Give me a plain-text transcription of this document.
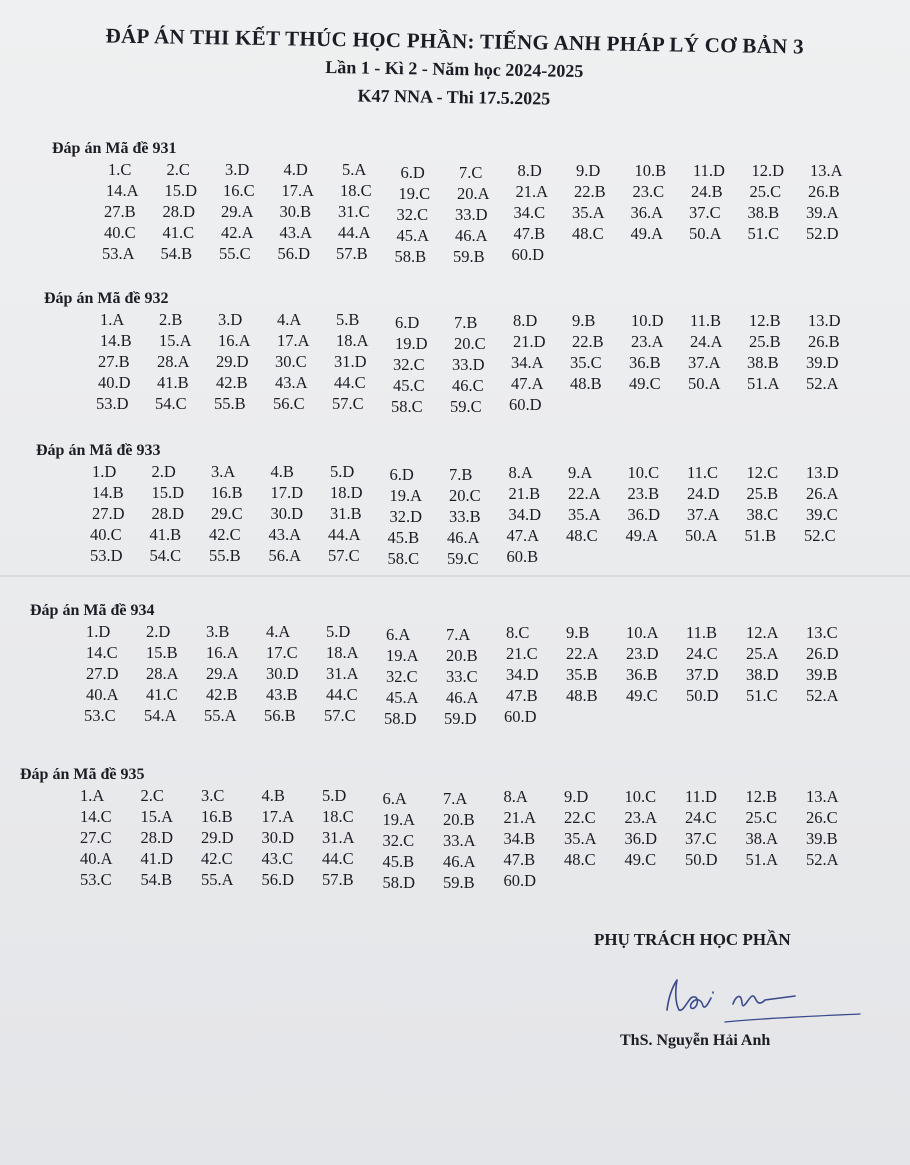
ĐÁP ÁN THI KẾT THÚC HỌC PHẦN: TIẾNG ANH PHÁP LÝ CƠ BẢN 3

Lần 1 - Kì 2 - Năm học 2024-2025

K47 NNA - Thi 17.5.2025

Đáp án Mã đề 931
1.C 2.C 3.D 4.D 5.A 6.D 7.C 8.D 9.D 10.B 11.D 12.D 13.A
14.A 15.D 16.C 17.A 18.C 19.C 20.A 21.A 22.B 23.C 24.B 25.C 26.B
27.B 28.D 29.A 30.B 31.C 32.C 33.D 34.C 35.A 36.A 37.C 38.B 39.A
40.C 41.C 42.A 43.A 44.A 45.A 46.A 47.B 48.C 49.A 50.A 51.C 52.D
53.A 54.B 55.C 56.D 57.B 58.B 59.B 60.D
Đáp án Mã đề 932
1.A 2.B 3.D 4.A 5.B 6.D 7.B 8.D 9.B 10.D 11.B 12.B 13.D
14.B 15.A 16.A 17.A 18.A 19.D 20.C 21.D 22.B 23.A 24.A 25.B 26.B
27.B 28.A 29.D 30.C 31.D 32.C 33.D 34.A 35.C 36.B 37.A 38.B 39.D
40.D 41.B 42.B 43.A 44.C 45.C 46.C 47.A 48.B 49.C 50.A 51.A 52.A
53.D 54.C 55.B 56.C 57.C 58.C 59.C 60.D
Đáp án Mã đề 933
1.D 2.D 3.A 4.B 5.D 6.D 7.B 8.A 9.A 10.C 11.C 12.C 13.D
14.B 15.D 16.B 17.D 18.D 19.A 20.C 21.B 22.A 23.B 24.D 25.B 26.A
27.D 28.D 29.C 30.D 31.B 32.D 33.B 34.D 35.A 36.D 37.A 38.C 39.C
40.C 41.B 42.C 43.A 44.A 45.B 46.A 47.A 48.C 49.A 50.A 51.B 52.C
53.D 54.C 55.B 56.A 57.C 58.C 59.C 60.B
Đáp án Mã đề 934
1.D 2.D 3.B 4.A 5.D 6.A 7.A 8.C 9.B 10.A 11.B 12.A 13.C
14.C 15.B 16.A 17.C 18.A 19.A 20.B 21.C 22.A 23.D 24.C 25.A 26.D
27.D 28.A 29.A 30.D 31.A 32.C 33.C 34.D 35.B 36.B 37.D 38.D 39.B
40.A 41.C 42.B 43.B 44.C 45.A 46.A 47.B 48.B 49.C 50.D 51.C 52.A
53.C 54.A 55.A 56.B 57.C 58.D 59.D 60.D
Đáp án Mã đề 935
1.A 2.C 3.C 4.B 5.D 6.A 7.A 8.A 9.D 10.C 11.D 12.B 13.A
14.C 15.A 16.B 17.A 18.C 19.A 20.B 21.A 22.C 23.A 24.C 25.C 26.C
27.C 28.D 29.D 30.D 31.A 32.C 33.A 34.B 35.A 36.D 37.C 38.A 39.B
40.A 41.D 42.C 43.C 44.C 45.B 46.A 47.B 48.C 49.C 50.D 51.A 52.A
53.C 54.B 55.A 56.D 57.B 58.D 59.B 60.D
PHỤ TRÁCH HỌC PHẦN
ThS. Nguyễn Hải Anh
